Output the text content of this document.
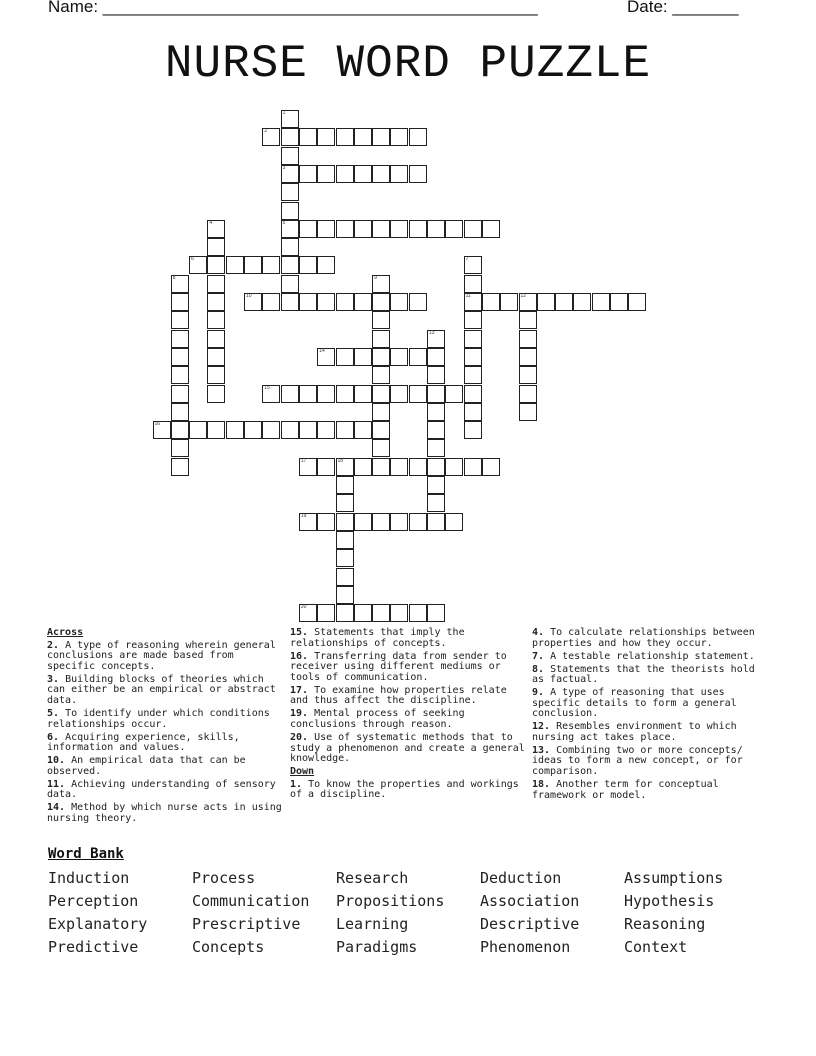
Name: ______________________________________________	Date: _______
NURSE WORD PUZZLE
1
3
5
2
4
6	7
11
8	9
10	12
13
14
15
16
17	18
19
20
Across
2. A type of reasoning wherein general conclusions are made based from specific concepts.
3. Building blocks of theories which can either be an empirical or abstract data.
5. To identify under which conditions relationships occur.
6. Acquiring experience, skills, information and values.
10. An empirical data that can be observed.
11. Achieving understanding of sensory data.
14. Method by which nurse acts in using nursing theory.
15. Statements that imply the relationships of concepts.
16. Transferring data from sender to receiver using different mediums or tools of communication.
17. To examine how properties relate and thus affect the discipline.
19. Mental process of seeking conclusions through reason.
20. Use of systematic methods that to study a phenomenon and create a general knowledge.
Down
1. To know the properties and workings of a discipline.
4. To calculate relationships between properties and how they occur.
7. A testable relationship statement.
8. Statements that the theorists hold as factual.
9. A type of reasoning that uses specific details to form a general conclusion.
12. Resembles environment to which nursing act takes place.
13. Combining two or more concepts/ ideas to form a new concept, or for comparison.
18. Another term for conceptual framework or model.
Word Bank
Induction	Process	Research	Deduction	Assumptions
Perception	Communication Propositions Association	Hypothesis
Explanatory	Prescriptive Learning	Descriptive	Reasoning
Predictive	Concepts	Paradigms	Phenomenon	Context
